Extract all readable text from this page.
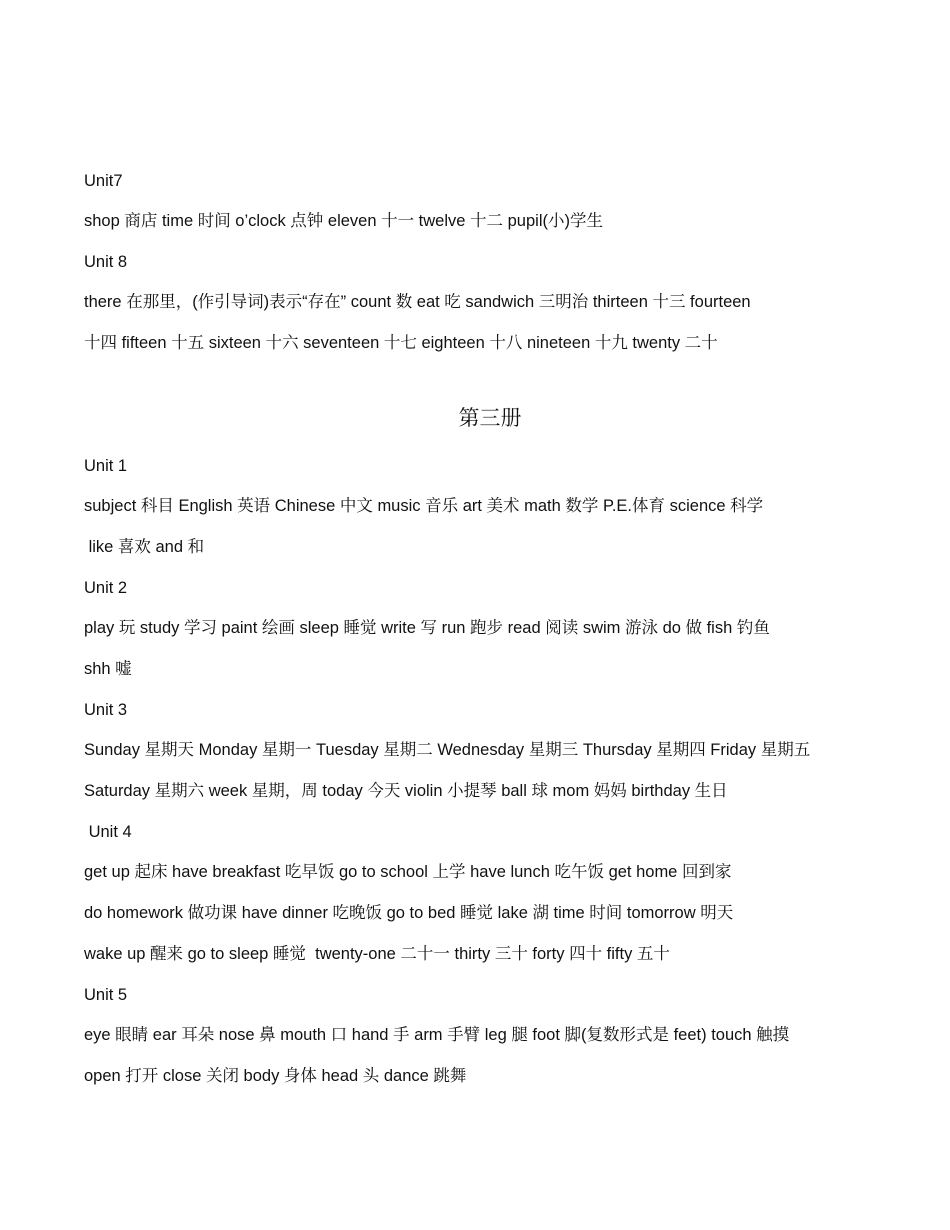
Unit7
shop 商店 time 时间 o’clock 点钟 eleven 十一 twelve 十二 pupil(小)学生
Unit 8
there 在那里，(作引导词)表示“存在” count 数 eat 吃 sandwich 三明治 thirteen 十三 fourteen
十四 fifteen 十五 sixteen 十六 seventeen 十七 eighteen 十八 nineteen 十九 twenty 二十
第三册
Unit 1
subject 科目 English 英语 Chinese 中文 music 音乐 art 美术 math 数学 P.E.体育 science 科学
like 喜欢 and 和
Unit 2
play 玩 study 学习 paint 绘画 sleep 睡觉 write 写 run 跑步 read 阅读 swim 游泳 do 做 fish 钓鱼
shh 嘘
Unit 3
Sunday 星期天 Monday 星期一 Tuesday 星期二 Wednesday 星期三 Thursday 星期四 Friday 星期五
Saturday 星期六 week 星期，周 today 今天 violin 小提琴 ball 球 mom 妈妈 birthday 生日
Unit 4
get up 起床 have breakfast 吃早饭 go to school 上学 have lunch 吃午饭 get home 回到家
do homework 做功课 have dinner 吃晚饭 go to bed 睡觉 lake 湖 time 时间 tomorrow 明天
wake up 醒来 go to sleep 睡觉  twenty-one 二十一 thirty 三十 forty 四十 fifty 五十
Unit 5
eye 眼睛 ear 耳朵 nose 鼻 mouth 口 hand 手 arm 手臂 leg 腿 foot 脚(复数形式是 feet) touch 触摸
open 打开 close 关闭 body 身体 head 头 dance 跳舞
